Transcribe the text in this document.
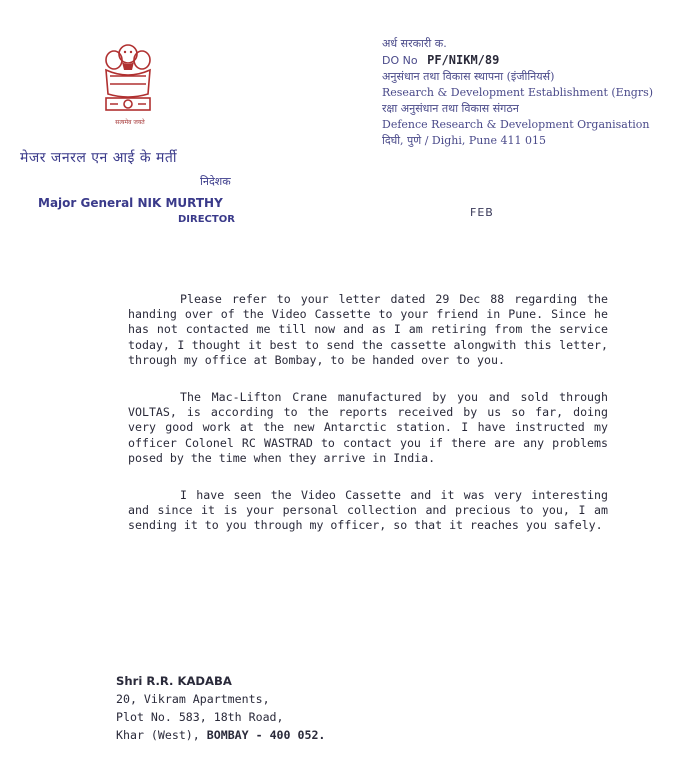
सत्यमेव जयते
मेजर जनरल एन आई के मर्ती
निदेशक
Major General NIK MURTHY
DIRECTOR
अर्ध सरकारी क.
DO No PF/NIKM/89
अनुसंधान तथा विकास स्थापना (इंजीनियर्स)
Research & Development Establishment (Engrs)
रक्षा अनुसंधान तथा विकास संगठन
Defence Research & Development Organisation
दिघी, पुणे / Dighi, Pune 411 015
FEB

Please refer to your letter dated 29 Dec 88 regarding the handing over of the Video Cassette to your friend in Pune. Since he has not contacted me till now and as I am retiring from the service today, I thought it best to send the cassette alongwith this letter, through my office at Bombay, to be handed over to you.

The Mac-Lifton Crane manufactured by you and sold through VOLTAS, is according to the reports received by us so far, doing very good work at the new Antarctic station. I have instructed my officer Colonel RC WASTRAD to contact you if there are any problems posed by the time when they arrive in India.

I have seen the Video Cassette and it was very interesting and since it is your personal collection and precious to you, I am sending it to you through my officer, so that it reaches you safely.

Shri R.R. KADABA
20, Vikram Apartments,
Plot No. 583, 18th Road,
Khar (West), BOMBAY - 400 052.
